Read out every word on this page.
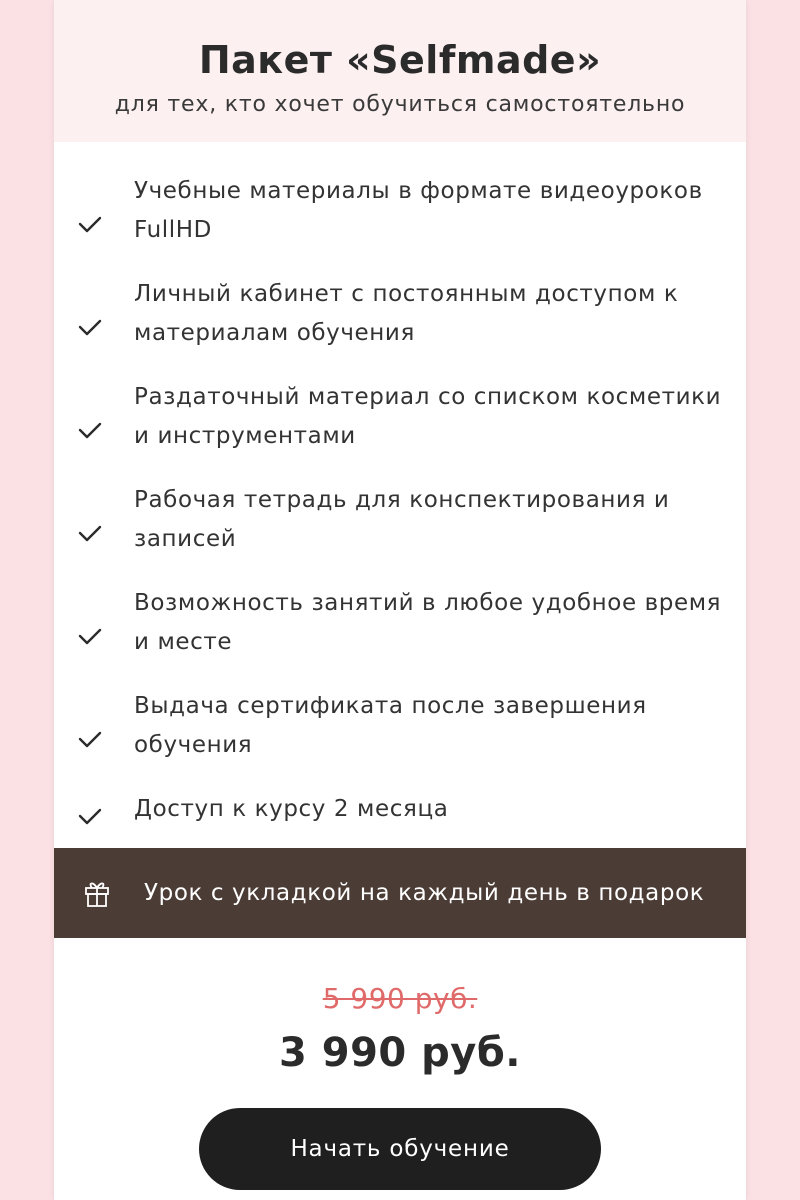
Пакет «Selfmade»
для тех, кто хочет обучиться самостоятельно
Учебные материалы в формате видеоуроков FullHD
Личный кабинет с постоянным доступом к материалам обучения
Раздаточный материал со списком косметики и инструментами
Рабочая тетрадь для конспектирования и записей
Возможность занятий в любое удобное время и месте
Выдача сертификата после завершения обучения
Доступ к курсу 2 месяца
Урок с укладкой на каждый день в подарок
5 990 руб.
3 990 руб.
Начать обучение
